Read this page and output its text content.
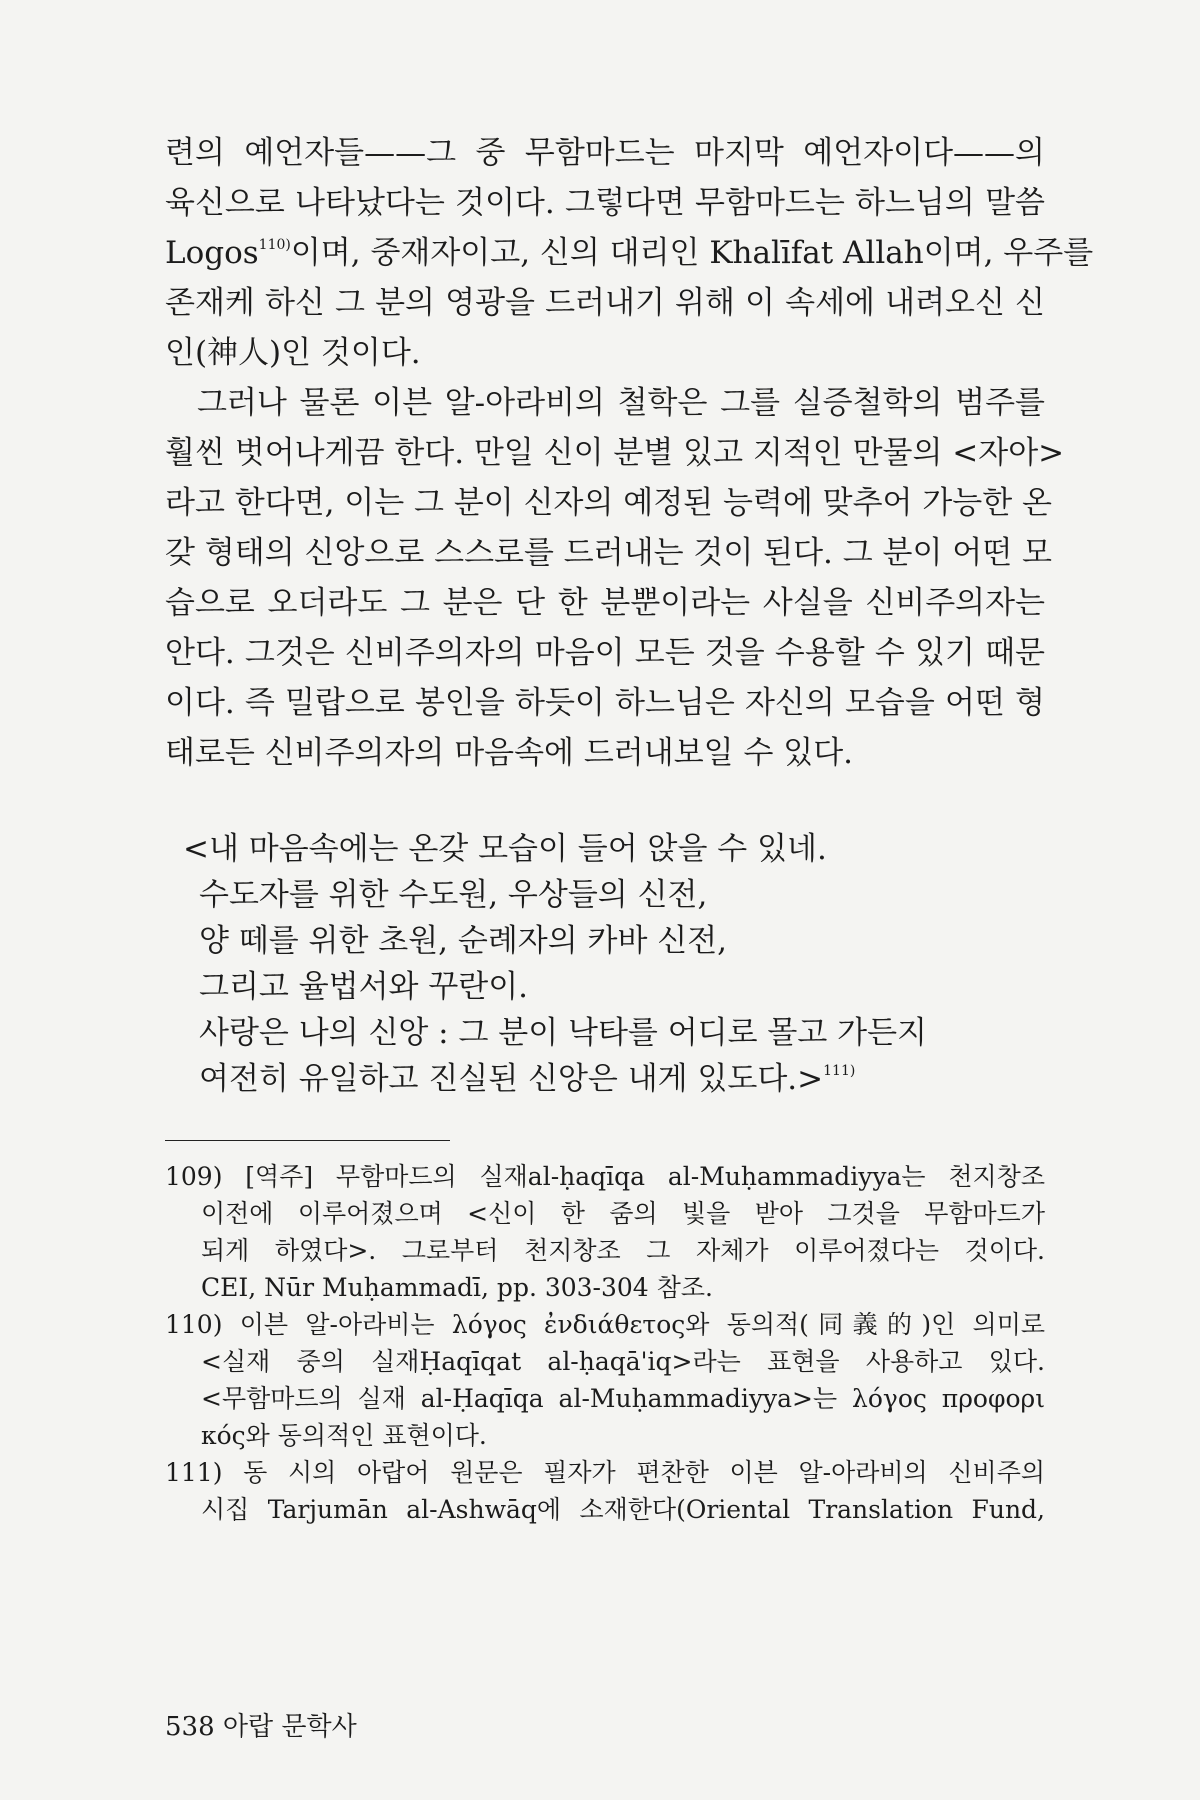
련의 예언자들——그 중 무함마드는 마지막 예언자이다——의
육신으로 나타났다는 것이다. 그렇다면 무함마드는 하느님의 말씀
Logos$^{110)}$이며, 중재자이고, 신의 대리인 Khalīfat Allah이며, 우주를
존재케 하신 그 분의 영광을 드러내기 위해 이 속세에 내려오신 신
인(神人)인 것이다.
그러나 물론 이븐 알-아라비의 철학은 그를 실증철학의 범주를
훨씬 벗어나게끔 한다. 만일 신이 분별 있고 지적인 만물의 <자아>
라고 한다면, 이는 그 분이 신자의 예정된 능력에 맞추어 가능한 온
갖 형태의 신앙으로 스스로를 드러내는 것이 된다. 그 분이 어떤 모
습으로 오더라도 그 분은 단 한 분뿐이라는 사실을 신비주의자는
안다. 그것은 신비주의자의 마음이 모든 것을 수용할 수 있기 때문
이다. 즉 밀랍으로 봉인을 하듯이 하느님은 자신의 모습을 어떤 형
태로든 신비주의자의 마음속에 드러내보일 수 있다.
<내 마음속에는 온갖 모습이 들어 앉을 수 있네.
수도자를 위한 수도원, 우상들의 신전,
양 떼를 위한 초원, 순례자의 카바 신전,
그리고 율법서와 꾸란이.
사랑은 나의 신앙 : 그 분이 낙타를 어디로 몰고 가든지
여전히 유일하고 진실된 신앙은 내게 있도다.>$^{111)}$
109) [역주] 무함마드의 실재al-ḥaqīqa al-Muḥammadiyya는 천지창조
이전에 이루어졌으며 <신이 한 줌의 빛을 받아 그것을 무함마드가
되게 하였다>. 그로부터 천지창조 그 자체가 이루어졌다는 것이다.
CEI, Nūr Muḥammadī, pp. 303-304 참조.
110) 이븐 알-아라비는 λόγος ἐνδιάθετος와 동의적(同義的)인 의미로
<실재 중의 실재Ḥaqīqat al-ḥaqā'iq>라는 표현을 사용하고 있다.
<무함마드의 실재 al-Ḥaqīqa al-Muḥammadiyya>는 λόγος προφορι
κός와 동의적인 표현이다.
111) 동 시의 아랍어 원문은 필자가 편찬한 이븐 알-아라비의 신비주의
시집 Tarjumān al-Ashwāq에 소재한다(Oriental Translation Fund,
538 아랍 문학사
